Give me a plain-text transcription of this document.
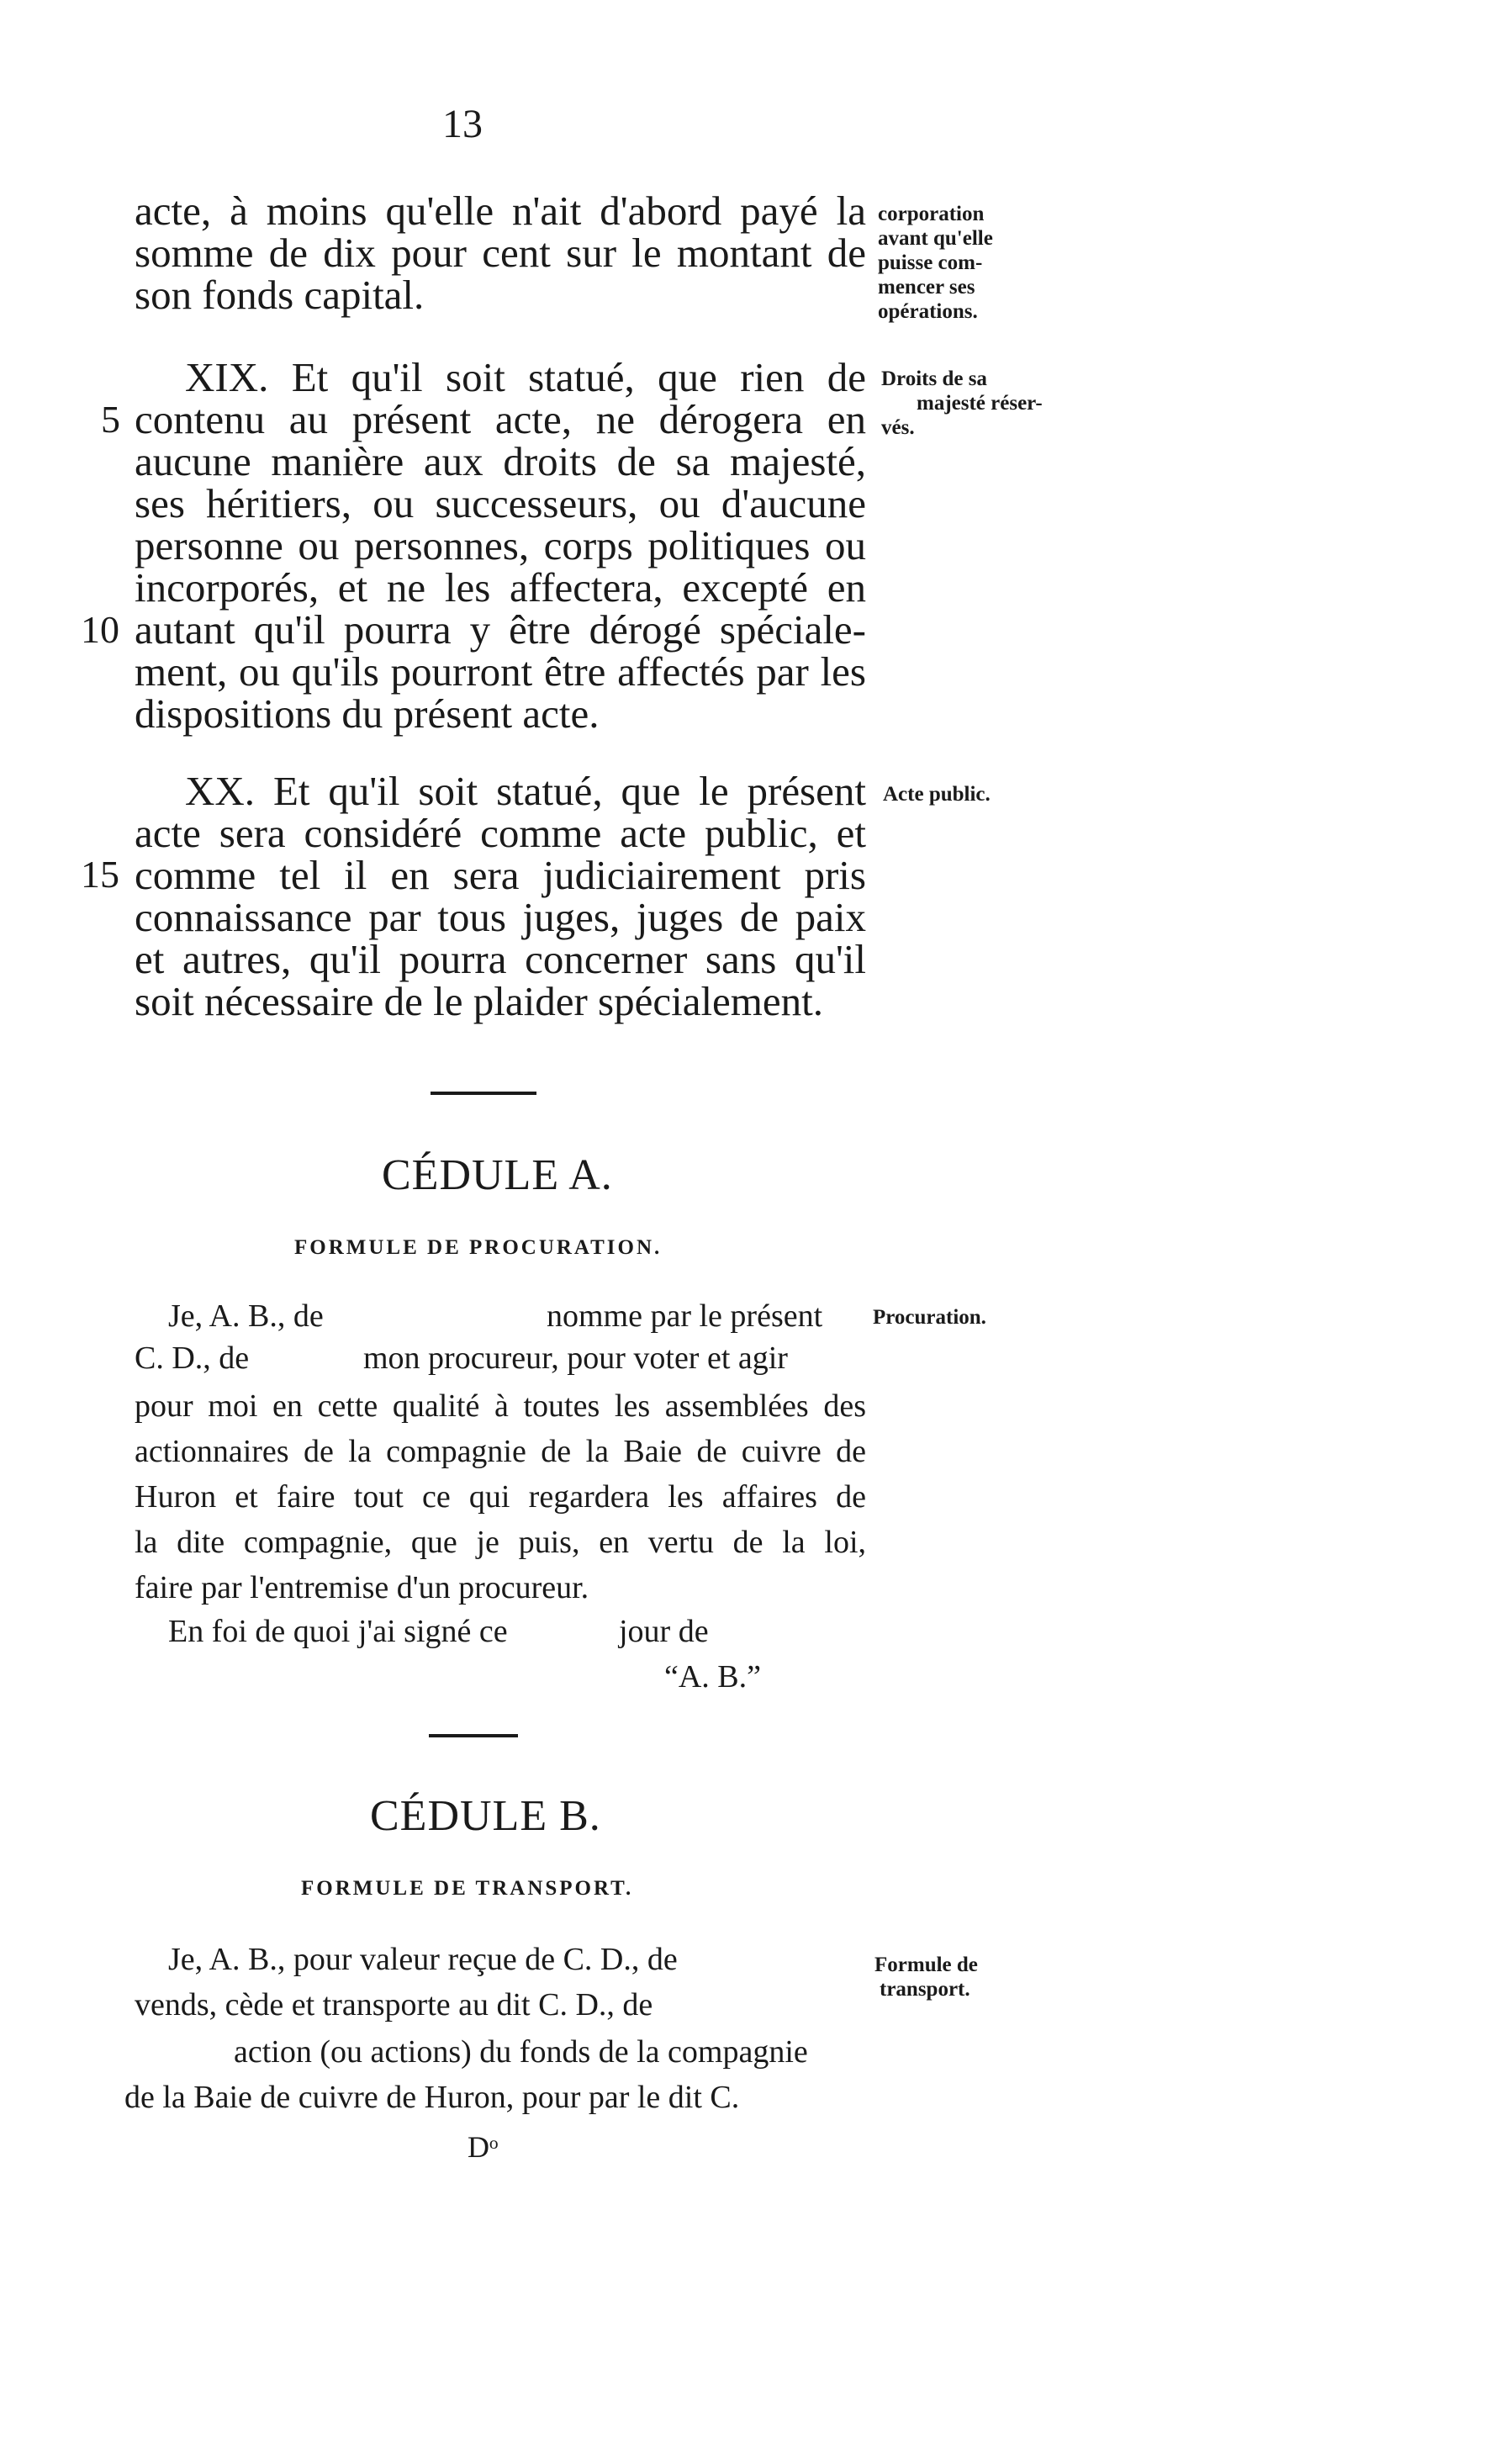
13
acte, à moins qu'elle n'ait d'abord payé la
somme de dix pour cent sur le montant de
son fonds capital.
corporation
avant qu'elle
puisse com-
mencer ses
opérations.
XIX. Et qu'il soit statué, que rien de
contenu au présent acte, ne dérogera en
aucune manière aux droits de sa majesté,
ses héritiers, ou successeurs, ou d'aucune
personne ou personnes, corps politiques ou
incorporés, et ne les affectera, excepté en
autant qu'il pourra y être dérogé spéciale-
ment, ou qu'ils pourront être affectés par les
dispositions du présent acte.
Droits de sa
majesté réser-
vés.
5
10
15
XX. Et qu'il soit statué, que le présent
acte sera considéré comme acte public, et
comme tel il en sera judiciairement pris
connaissance par tous juges, juges de paix
et autres, qu'il pourra concerner sans qu'il
soit nécessaire de le plaider spécialement.
Acte public.
CÉDULE A.
FORMULE DE PROCURATION.
Procuration.
Je, A. B., de	nomme par le présent
C. D., de	mon procureur, pour voter et agir
pour moi en cette qualité à toutes les assemblées des
actionnaires de la compagnie de la Baie de cuivre de
Huron et faire tout ce qui regardera les affaires de
la dite compagnie, que je puis, en vertu de la loi,
faire par l'entremise d'un procureur.
En foi de quoi j'ai signé ce	jour de
“A. B.”
CÉDULE B.
FORMULE DE TRANSPORT.
Formule de
transport.
Je, A. B., pour valeur reçue de C. D., de
vends, cède et transporte au dit C. D., de
action (ou actions) du fonds de la compagnie
de la Baie de cuivre de Huron, pour par le dit C.
Dᵒ
